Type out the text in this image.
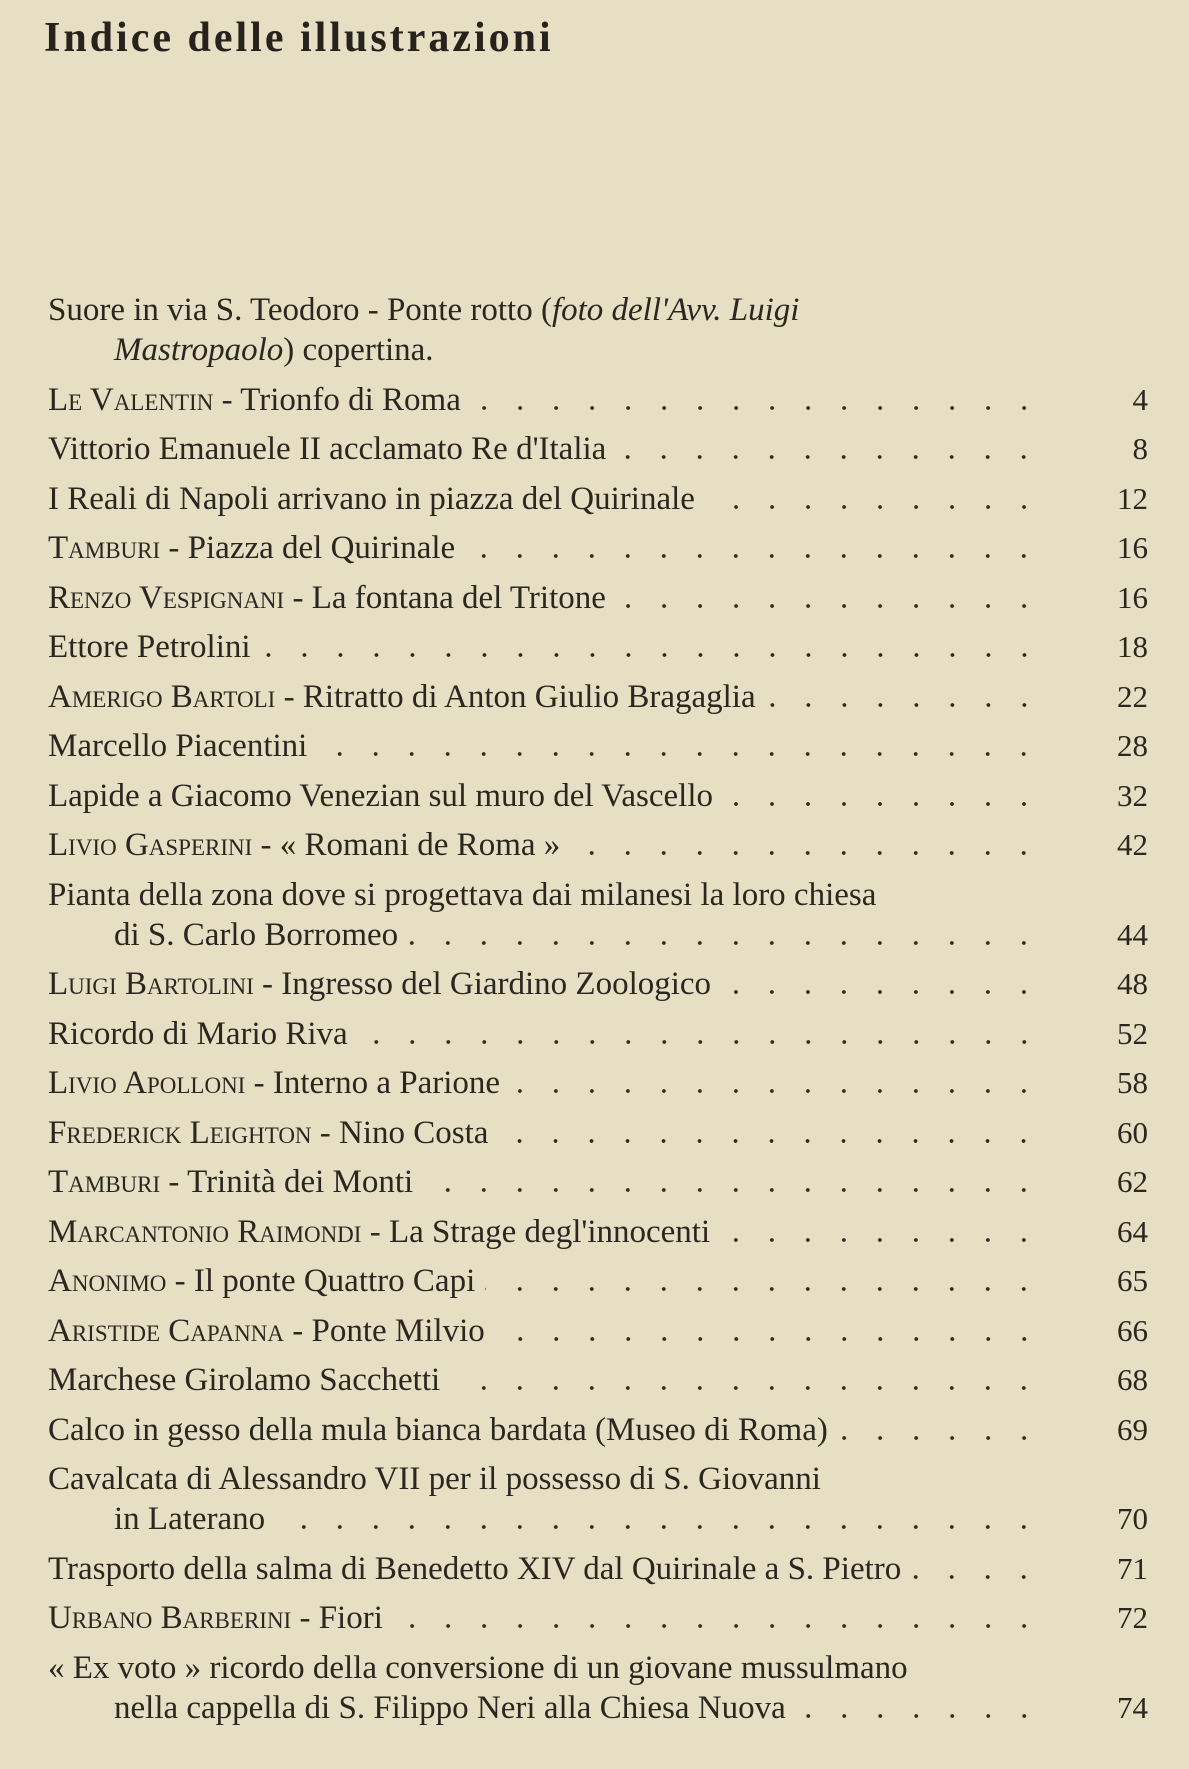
Indice delle illustrazioni
Suore in via S. Teodoro - Ponte rotto (foto dell'Avv. Luigi
Mastropaolo) copertina.
Le Valentin - Trionfo di Roma	4
Vittorio Emanuele II acclamato Re d'Italia	8
I Reali di Napoli arrivano in piazza del Quirinale	12
Tamburi - Piazza del Quirinale	16
Renzo Vespignani - La fontana del Tritone	16
Ettore Petrolini	18
Amerigo Bartoli - Ritratto di Anton Giulio Bragaglia	22
Marcello Piacentini	28
Lapide a Giacomo Venezian sul muro del Vascello	32
Livio Gasperini - « Romani de Roma »	42
Pianta della zona dove si progettava dai milanesi la loro chiesa
di S. Carlo Borromeo	44
Luigi Bartolini - Ingresso del Giardino Zoologico	48
Ricordo di Mario Riva	52
Livio Apolloni - Interno a Parione	58
Frederick Leighton - Nino Costa	60
Tamburi - Trinità dei Monti	62
Marcantonio Raimondi - La Strage degl'innocenti	64
Anonimo - Il ponte Quattro Capi	65
Aristide Capanna - Ponte Milvio	66
Marchese Girolamo Sacchetti	68
Calco in gesso della mula bianca bardata (Museo di Roma)	69
Cavalcata di Alessandro VII per il possesso di S. Giovanni
in Laterano	70
Trasporto della salma di Benedetto XIV dal Quirinale a S. Pietro	71
Urbano Barberini - Fiori	72
« Ex voto » ricordo della conversione di un giovane mussulmano
nella cappella di S. Filippo Neri alla Chiesa Nuova	74
